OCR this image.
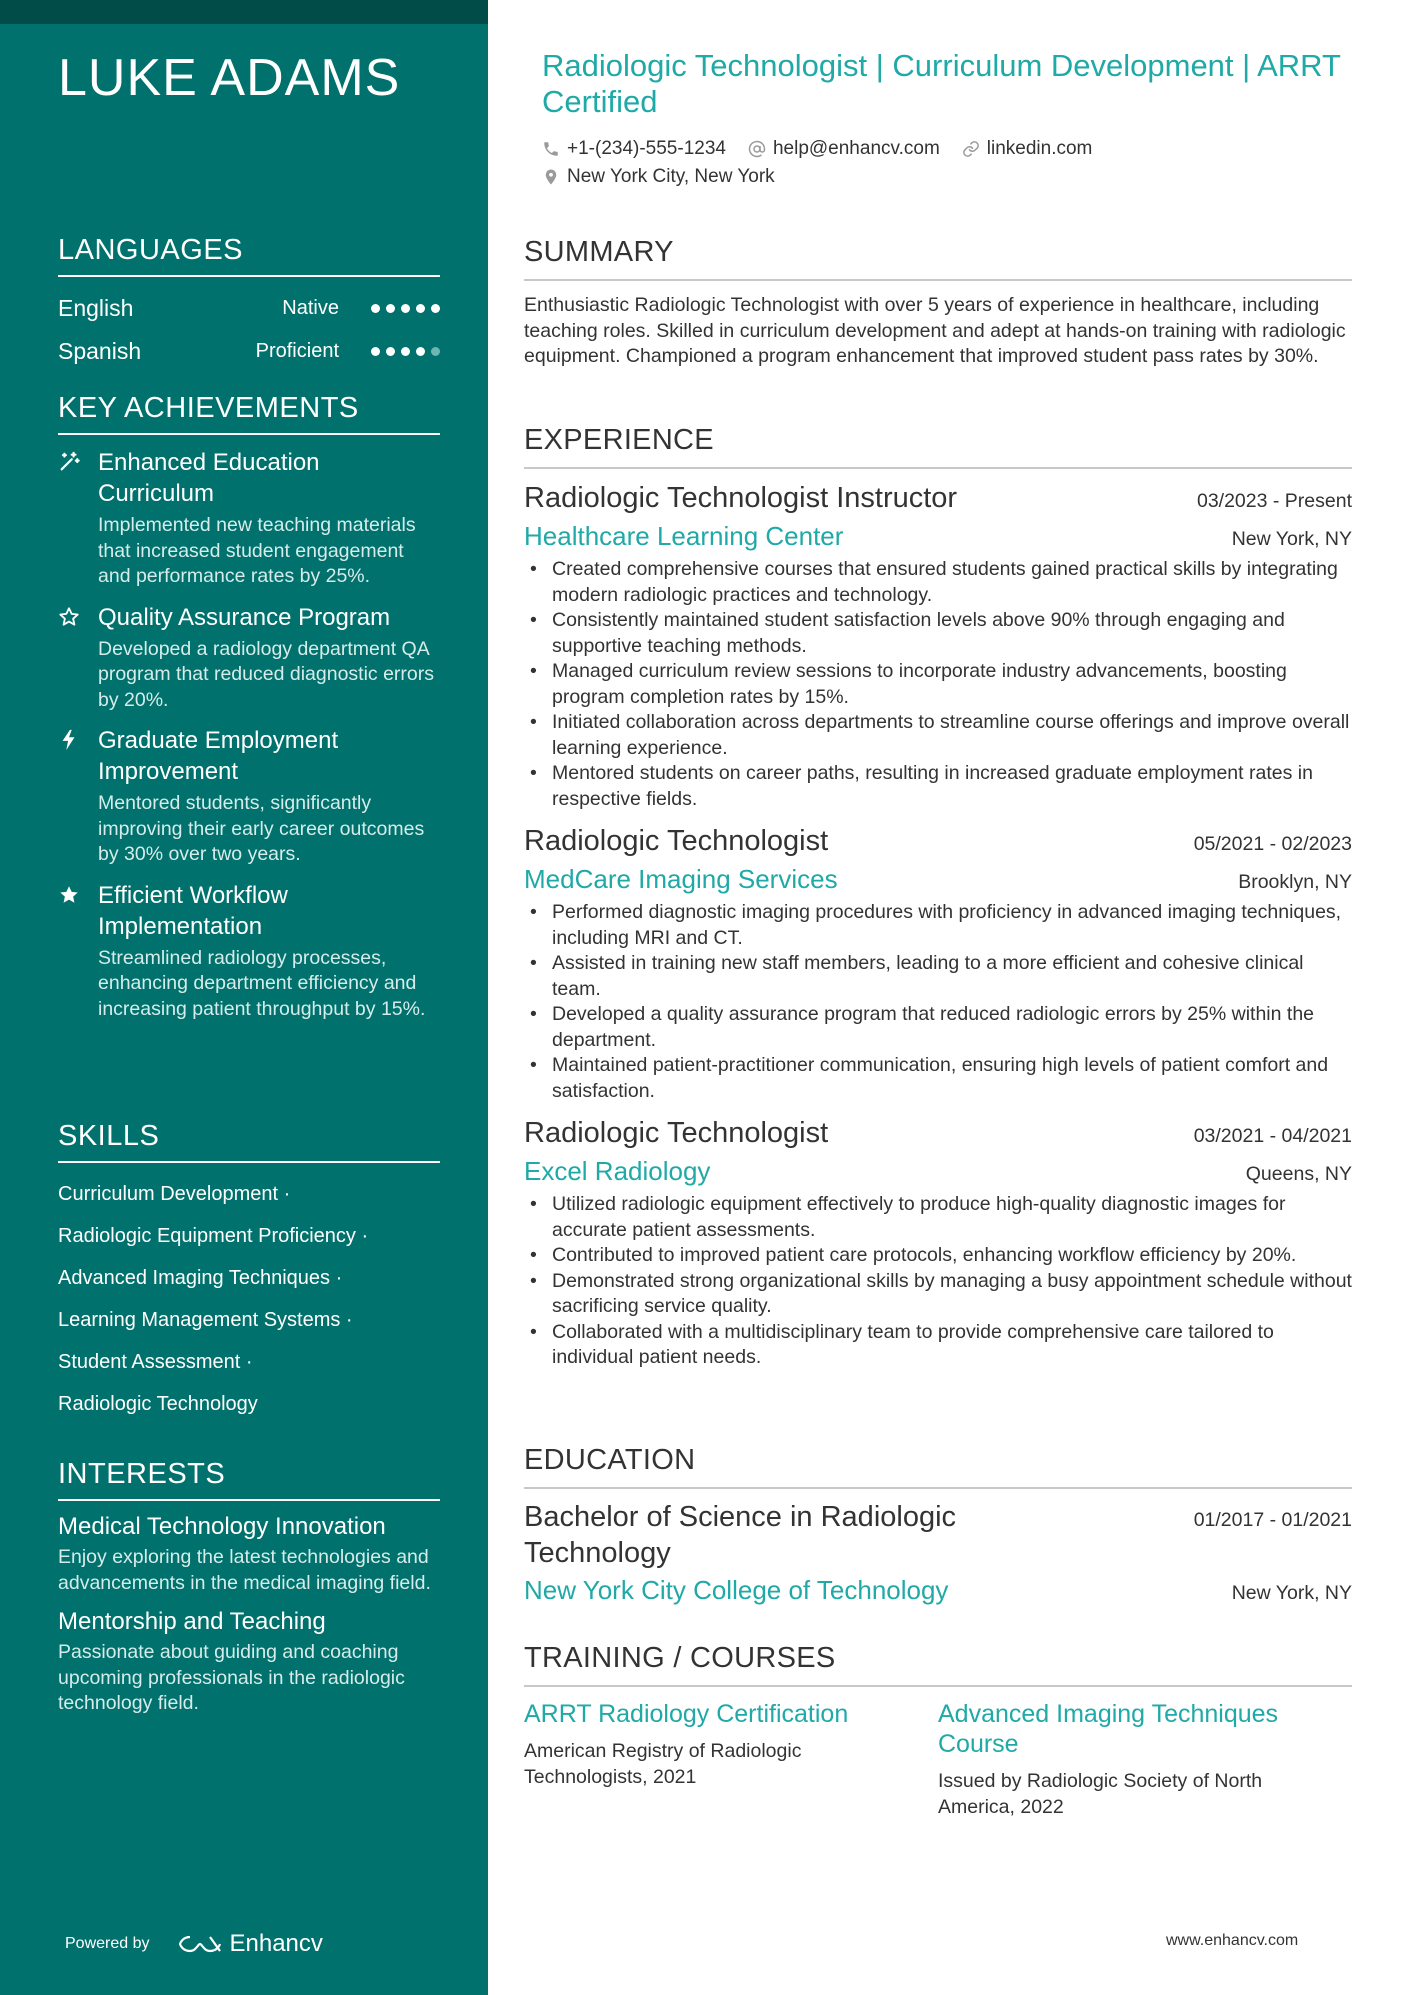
LUKE ADAMS
LANGUAGES
English	Native
Spanish	Proficient
KEY ACHIEVEMENTS
Enhanced Education Curriculum
Implemented new teaching materials that increased student engagement and performance rates by 25%.
Quality Assurance Program
Developed a radiology department QA program that reduced diagnostic errors by 20%.
Graduate Employment Improvement
Mentored students, significantly improving their early career outcomes by 30% over two years.
Efficient Workflow Implementation
Streamlined radiology processes, enhancing department efficiency and increasing patient throughput by 15%.
SKILLS
Curriculum Development ·
Radiologic Equipment Proficiency ·
Advanced Imaging Techniques ·
Learning Management Systems ·
Student Assessment ·
Radiologic Technology
INTERESTS
Medical Technology Innovation
Enjoy exploring the latest technologies and advancements in the medical imaging field.
Mentorship and Teaching
Passionate about guiding and coaching upcoming professionals in the radiologic technology field.
Powered by	Enhancv
Radiologic Technologist | Curriculum Development | ARRT Certified
+1-(234)-555-1234 help@enhancv.com linkedin.com
New York City, New York
SUMMARY

Enthusiastic Radiologic Technologist with over 5 years of experience in healthcare, including teaching roles. Skilled in curriculum development and adept at hands-on training with radiologic equipment. Championed a program enhancement that improved student pass rates by 30%.

EXPERIENCE
Radiologic Technologist Instructor	03/2023 - Present
Healthcare Learning Center	New York, NY
• Created comprehensive courses that ensured students gained practical skills by integrating modern radiologic practices and technology.
• Consistently maintained student satisfaction levels above 90% through engaging and supportive teaching methods.
• Managed curriculum review sessions to incorporate industry advancements, boosting program completion rates by 15%.
• Initiated collaboration across departments to streamline course offerings and improve overall learning experience.
• Mentored students on career paths, resulting in increased graduate employment rates in respective fields.
Radiologic Technologist	05/2021 - 02/2023
MedCare Imaging Services	Brooklyn, NY
• Performed diagnostic imaging procedures with proficiency in advanced imaging techniques, including MRI and CT.
• Assisted in training new staff members, leading to a more efficient and cohesive clinical team.
• Developed a quality assurance program that reduced radiologic errors by 25% within the department.
• Maintained patient-practitioner communication, ensuring high levels of patient comfort and satisfaction.
Radiologic Technologist	03/2021 - 04/2021
Excel Radiology	Queens, NY
• Utilized radiologic equipment effectively to produce high-quality diagnostic images for accurate patient assessments.
• Contributed to improved patient care protocols, enhancing workflow efficiency by 20%.
• Demonstrated strong organizational skills by managing a busy appointment schedule without sacrificing service quality.
• Collaborated with a multidisciplinary team to provide comprehensive care tailored to individual patient needs.
EDUCATION
Bachelor of Science in Radiologic Technology
01/2017 - 01/2021
New York City College of Technology	New York, NY
TRAINING / COURSES
ARRT Radiology Certification
American Registry of Radiologic Technologists, 2021
Advanced Imaging Techniques Course
Issued by Radiologic Society of North America, 2022
www.enhancv.com
